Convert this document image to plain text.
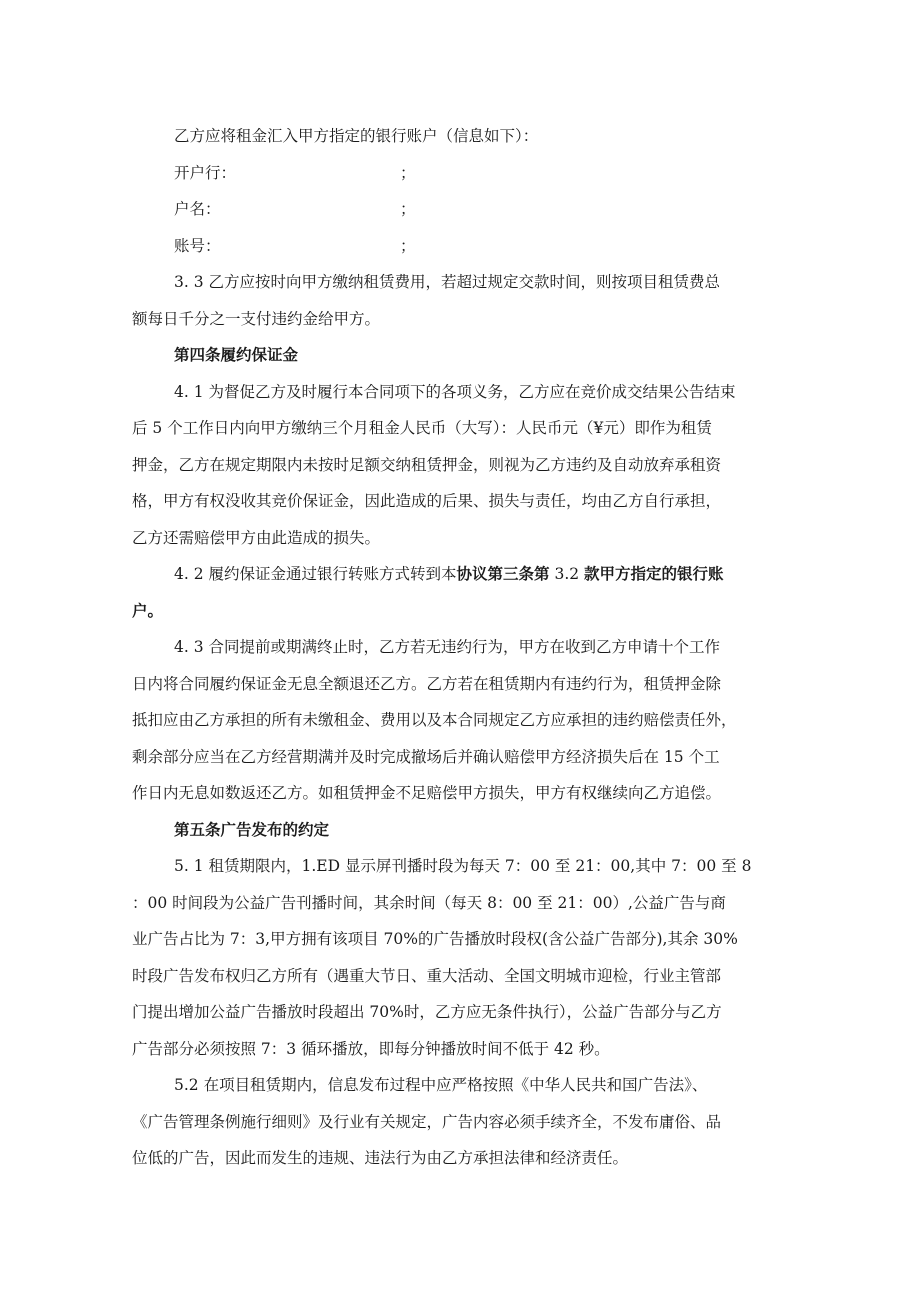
乙方应将租金汇入甲方指定的银行账户（信息如下）：
开户行：	；
户名：	；
账号：	；
3. 3 乙方应按时向甲方缴纳租赁费用，若超过规定交款时间，则按项目租赁费总
额每日千分之一支付违约金给甲方。
第四条履约保证金
4. 1 为督促乙方及时履行本合同项下的各项义务，乙方应在竞价成交结果公告结束
后 5 个工作日内向甲方缴纳三个月租金人民币（大写）：人民币元（¥元）即作为租赁
押金，乙方在规定期限内未按时足额交纳租赁押金，则视为乙方违约及自动放弃承租资
格，甲方有权没收其竞价保证金，因此造成的后果、损失与责任，均由乙方自行承担，
乙方还需赔偿甲方由此造成的损失。
4. 2 履约保证金通过银行转账方式转到本协议第三条第 3.2 款甲方指定的银行账
户。
4. 3 合同提前或期满终止时，乙方若无违约行为，甲方在收到乙方申请十个工作
日内将合同履约保证金无息全额退还乙方。乙方若在租赁期内有违约行为，租赁押金除
抵扣应由乙方承担的所有未缴租金、费用以及本合同规定乙方应承担的违约赔偿责任外，
剩余部分应当在乙方经营期满并及时完成撤场后并确认赔偿甲方经济损失后在 15 个工
作日内无息如数返还乙方。如租赁押金不足赔偿甲方损失，甲方有权继续向乙方追偿。
第五条广告发布的约定
5. 1 租赁期限内，1.ED 显示屏刊播时段为每天 7：00 至 21：00,其中 7：00 至 8
：00 时间段为公益广告刊播时间，其余时间（每天 8：00 至 21：00）,公益广告与商
业广告占比为 7：3,甲方拥有该项目 70%的广告播放时段权(含公益广告部分),其余 30%
时段广告发布权归乙方所有（遇重大节日、重大活动、全国文明城市迎检，行业主管部
门提出增加公益广告播放时段超出 70%时，乙方应无条件执行），公益广告部分与乙方
广告部分必须按照 7：3 循环播放，即每分钟播放时间不低于 42 秒。
5.2 在项目租赁期内，信息发布过程中应严格按照《中华人民共和国广告法》、
《广告管理条例施行细则》及行业有关规定，广告内容必须手续齐全，不发布庸俗、品
位低的广告，因此而发生的违规、违法行为由乙方承担法律和经济责任。
